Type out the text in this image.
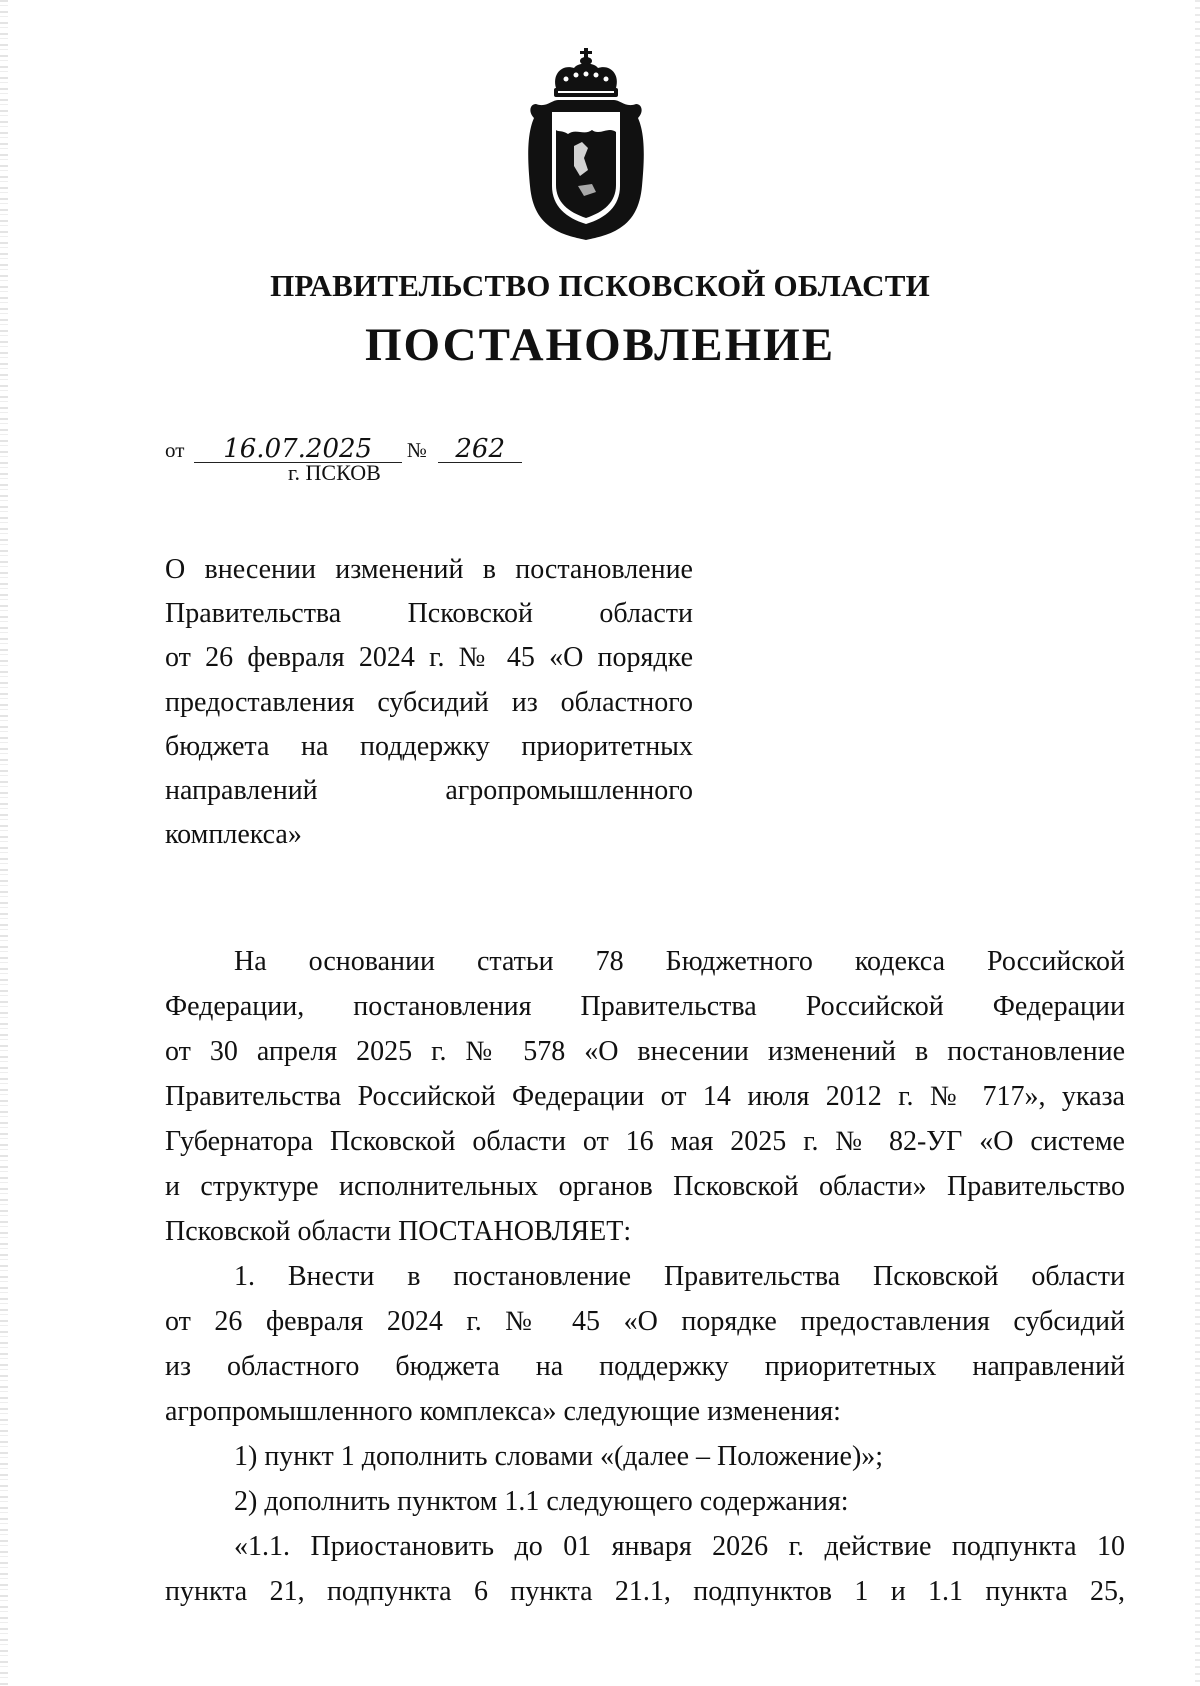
ПРАВИТЕЛЬСТВО ПСКОВСКОЙ ОБЛАСТИ
ПОСТАНОВЛЕНИЕ
от 16.07.2025 № 262
г. ПСКОВ
О внесении изменений в постановление
Правительства Псковской области
от 26 февраля 2024 г. № 45 «О порядке
предоставления субсидий из областного
бюджета на поддержку приоритетных
направлений агропромышленного
комплекса»
На основании статьи 78 Бюджетного кодекса Российской
Федерации, постановления Правительства Российской Федерации
от 30 апреля 2025 г. № 578 «О внесении изменений в постановление
Правительства Российской Федерации от 14 июля 2012 г. № 717», указа
Губернатора Псковской области от 16 мая 2025 г. № 82-УГ «О системе
и структуре исполнительных органов Псковской области» Правительство
Псковской области ПОСТАНОВЛЯЕТ:
1. Внести в постановление Правительства Псковской области
от 26 февраля 2024 г. № 45 «О порядке предоставления субсидий
из областного бюджета на поддержку приоритетных направлений
агропромышленного комплекса» следующие изменения:
1) пункт 1 дополнить словами «(далее – Положение)»;
2) дополнить пунктом 1.1 следующего содержания:
«1.1. Приостановить до 01 января 2026 г. действие подпункта 10
пункта 21, подпункта 6 пункта 21.1, подпунктов 1 и 1.1 пункта 25,
